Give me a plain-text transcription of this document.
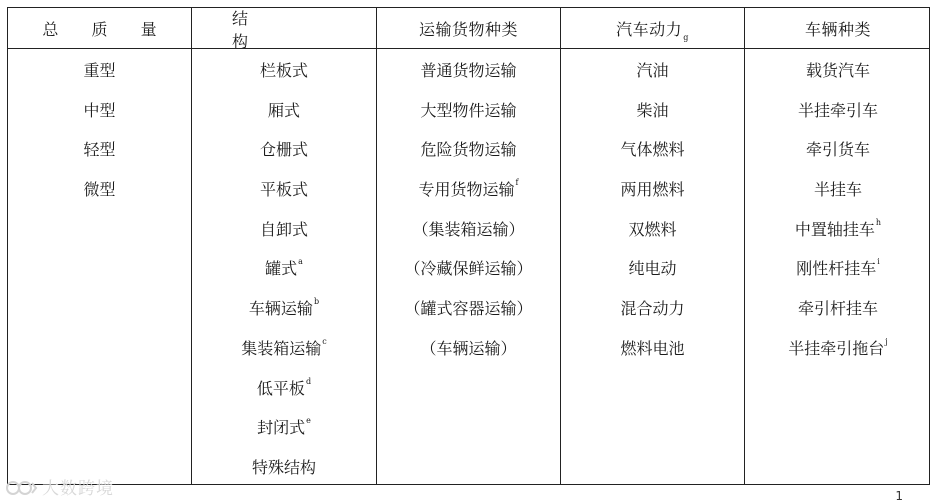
总 质 量
重型
中型
轻型
微型
结 构
栏板式
厢式
仓栅式
平板式
自卸式
罐式$^a$
车辆运输$^b$
集装箱运输$^c$
低平板$^d$
封闭式$^e$
特殊结构
运输货物种类
普通货物运输
大型物件运输
危险货物运输
专用货物运输$^f$
（集装箱运输）
（冷藏保鲜运输）
（罐式容器运输）
（车辆运输）
汽车动力$^g$
汽油
柴油
气体燃料
两用燃料
双燃料
纯电动
混合动力
燃料电池
车辆种类
载货汽车
半挂牵引车
牵引货车
半挂车
中置轴挂车$^h$
刚性杆挂车$^i$
牵引杆挂车
半挂牵引拖台$^j$
大数跨境	1
